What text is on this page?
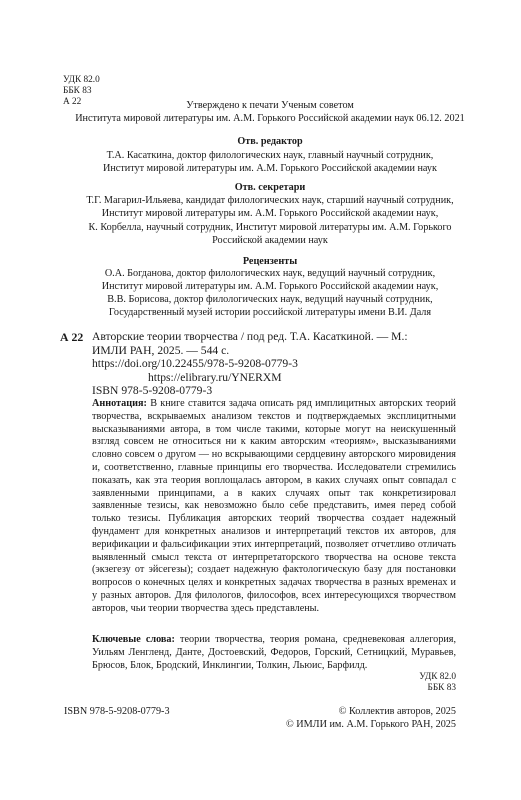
УДК 82.0
ББК 83
А 22	Утверждено к печати Ученым советом
Института мировой литературы им. А.М. Горького Российской академии наук 06.12. 2021
Отв. редактор
Т.А. Касаткина, доктор филологических наук, главный научный сотрудник,
Институт мировой литературы им. А.М. Горького Российской академии наук
Отв. секретари
Т.Г. Магарил-Ильяева, кандидат филологических наук, старший научный сотрудник,
Институт мировой литературы им. А.М. Горького Российской академии наук,
К. Корбелла, научный сотрудник, Институт мировой литературы им. А.М. Горького
Российской академии наук
Рецензенты
О.А. Богданова, доктор филологических наук, ведущий научный сотрудник,
Институт мировой литературы им. А.М. Горького Российской академии наук,
В.В. Борисова, доктор филологических наук, ведущий научный сотрудник,
Государственный музей истории российской литературы имени В.И. Даля
А 22 Авторские теории творчества / под ред. Т.А. Касаткиной. — М.:
ИМЛИ РАН, 2025. — 544 с.
https://doi.org/10.22455/978-5-9208-0779-3
https://elibrary.ru/YNERXM
ISBN 978-5-9208-0779-3
Аннотация: В книге ставится задача описать ряд имплицитных авторских теорий творчества, вскрываемых анализом текстов и подтверждаемых эксплицитными высказываниями автора, в том числе такими, которые могут на неискушенный взгляд совсем не относиться ни к каким авторским «теориям», высказываниями словно совсем о другом — но вскрывающими сердцевину авторского мировидения и, соответственно, главные принципы его творчества. Исследователи стремились показать, как эта теория воплощалась автором, в каких случаях опыт совпадал с заявленными принципами, а в каких случаях опыт так конкретизировал заявленные тезисы, как невозможно было себе представить, имея перед собой только тезисы. Публикация авторских теорий творчества создает надежный фундамент для конкретных анализов и интерпретаций текстов их авторов, для верификации и фальсификации этих интерпретаций, позволяет отчетливо отличать выявленный смысл текста от интерпретаторского творчества на основе текста (экзегезу от эйсегезы); создает надежную фактологическую базу для постановки вопросов о конечных целях и конкретных задачах творчества в разных временах и у разных авторов. Для филологов, философов, всех интересующихся творчеством авторов, чьи теории творчества здесь представлены.
Ключевые слова: теории творчества, теория романа, средневековая аллегория, Уильям Ленгленд, Данте, Достоевский, Федоров, Горский, Сетницкий, Муравьев, Брюсов, Блок, Бродский, Инклингии, Толкин, Льюис, Барфилд.
УДК 82.0
ББК 83
ISBN 978-5-9208-0779-3	© Коллектив авторов, 2025
© ИМЛИ им. А.М. Горького РАН, 2025
